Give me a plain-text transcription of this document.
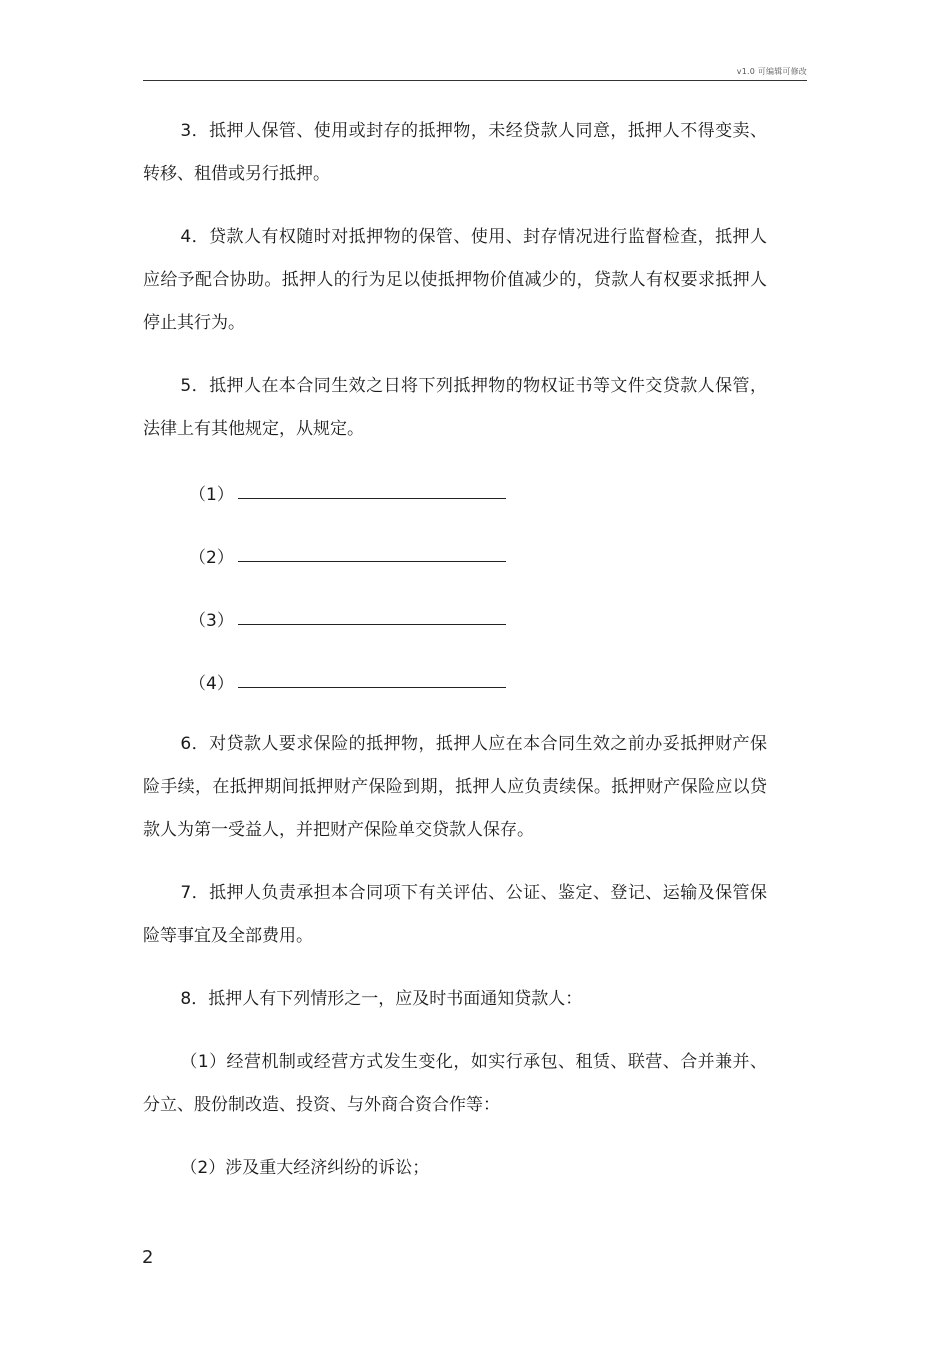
v1.0 可编辑可修改

3．抵押人保管、使用或封存的抵押物，未经贷款人同意，抵押人不得变卖、转移、租借或另行抵押。

4．贷款人有权随时对抵押物的保管、使用、封存情况进行监督检查，抵押人应给予配合协助。抵押人的行为足以使抵押物价值减少的，贷款人有权要求抵押人停止其行为。

5．抵押人在本合同生效之日将下列抵押物的物权证书等文件交贷款人保管，法律上有其他规定，从规定。

（1）
（2）
（3）
（4）

6．对贷款人要求保险的抵押物，抵押人应在本合同生效之前办妥抵押财产保险手续，在抵押期间抵押财产保险到期，抵押人应负责续保。抵押财产保险应以贷款人为第一受益人，并把财产保险单交贷款人保存。

7．抵押人负责承担本合同项下有关评估、公证、鉴定、登记、运输及保管保险等事宜及全部费用。

8．抵押人有下列情形之一，应及时书面通知贷款人：

（1）经营机制或经营方式发生变化，如实行承包、租赁、联营、合并兼并、分立、股份制改造、投资、与外商合资合作等：

（2）涉及重大经济纠纷的诉讼；

2
